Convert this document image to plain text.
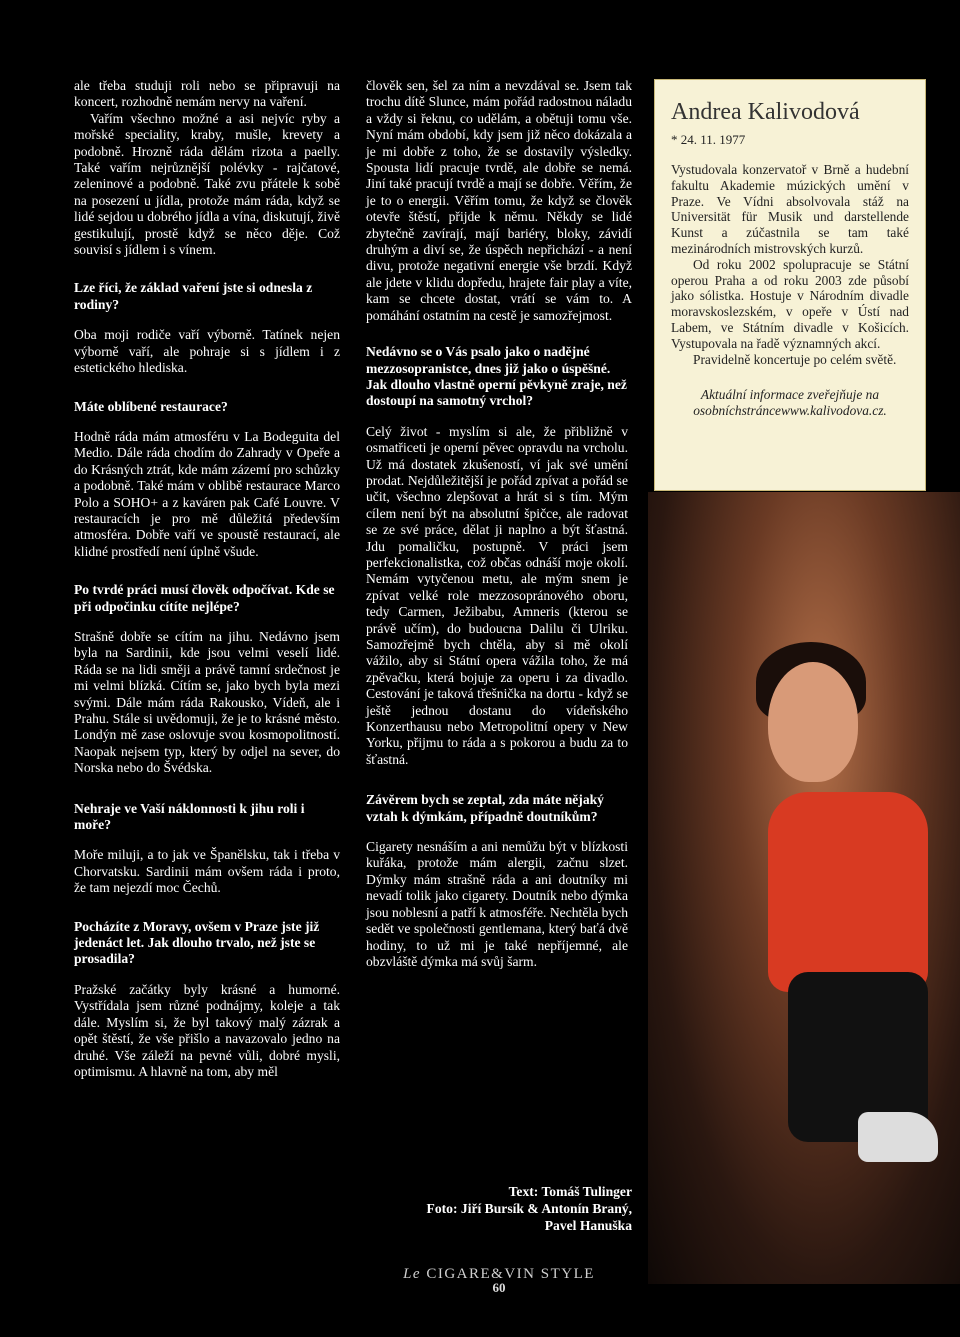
ale třeba studuji roli nebo se připravuji na koncert, rozhodně nemám nervy na vaření.

Vařím všechno možné a asi nejvíc ryby a mořské speciality, kraby, mušle, krevety a podobně. Hrozně ráda dělám rizota a paelly. Také vařím nejrůznější polévky - rajčatové, zeleninové a podobně. Také zvu přátele k sobě na posezení u jídla, protože mám ráda, když se lidé sejdou u dobrého jídla a vína, diskutují, živě gestikulují, prostě když se něco děje. Což souvisí s jídlem i s vínem.

Lze říci, že základ vaření jste si odnesla z rodiny?

Oba moji rodiče vaří výborně. Tatínek nejen výborně vaří, ale pohraje si s jídlem i z estetického hlediska.

Máte oblíbené restaurace?

Hodně ráda mám atmosféru v La Bodeguita del Medio. Dále ráda chodím do Zahrady v Opeře a do Krásných ztrát, kde mám zázemí pro schůzky a podobně. Také mám v oblibě restaurace Marco Polo a SOHO+ a z kaváren pak Café Louvre. V restauracích je pro mě důležitá především atmosféra. Dobře vaří ve spoustě restaurací, ale klidné prostředí není úplně všude.

Po tvrdé práci musí člověk odpočívat. Kde se při odpočinku cítíte nejlépe?

Strašně dobře se cítím na jihu. Nedávno jsem byla na Sardinii, kde jsou velmi veselí lidé. Ráda se na lidi směji a právě tamní srdečnost je mi velmi blízká. Cítím se, jako bych byla mezi svými. Dále mám ráda Rakousko, Vídeň, ale i Prahu. Stále si uvědomuji, že je to krásné město. Londýn mě zase oslovuje svou kosmopolitností. Naopak nejsem typ, který by odjel na sever, do Norska nebo do Švédska.

Nehraje ve Vaší náklonnosti k jihu roli i moře?

Moře miluji, a to jak ve Španělsku, tak i třeba v Chorvatsku. Sardinii mám ovšem ráda i proto, že tam nejezdí moc Čechů.

Pocházíte z Moravy, ovšem v Praze jste již jedenáct let. Jak dlouho trvalo, než jste se prosadila?

Pražské začátky byly krásné a humorné. Vystřídala jsem různé podnájmy, koleje a tak dále. Myslím si, že byl takový malý zázrak a opět štěstí, že vše přišlo a navazovalo jedno na druhé. Vše záleží na pevné vůli, dobré mysli, optimismu. A hlavně na tom, aby měl

člověk sen, šel za ním a nevzdával se. Jsem tak trochu dítě Slunce, mám pořád radostnou náladu a vždy si řeknu, co udělám, a obětuji tomu vše. Nyní mám období, kdy jsem již něco dokázala a je mi dobře z toho, že se dostavily výsledky. Spousta lidí pracuje tvrdě, ale dobře se nemá. Jiní také pracují tvrdě a mají se dobře. Věřím, že je to o energii. Věřím tomu, že když se člověk otevře štěstí, přijde k němu. Někdy se lidé zbytečně zavírají, mají bariéry, bloky, závidí druhým a diví se, že úspěch nepřichází - a není divu, protože negativní energie vše brzdí. Když ale jdete v klidu dopředu, hrajete fair play a víte, kam se chcete dostat, vrátí se vám to. A pomáhání ostatním na cestě je samozřejmost.

Nedávno se o Vás psalo jako o nadějné mezzosopranistce, dnes již jako o úspěšné. Jak dlouho vlastně operní pěvkyně zraje, než dostoupí na samotný vrchol?

Celý život - myslím si ale, že přibližně v osmatřiceti je operní pěvec opravdu na vrcholu. Už má dostatek zkušeností, ví jak své umění prodat. Nejdůležitější je pořád zpívat a pořád se učit, všechno zlepšovat a hrát si s tím. Mým cílem není být na absolutní špičce, ale radovat se ze své práce, dělat ji naplno a být šťastná. Jdu pomaličku, postupně. V práci jsem perfekcionalistka, což občas odnáší moje okolí. Nemám vytyčenou metu, ale mým snem je zpívat velké role mezzosopránového oboru, tedy Carmen, Ježibabu, Amneris (kterou se právě učím), do budoucna Dalilu či Ulriku. Samozřejmě bych chtěla, aby si mě okolí vážilo, aby si Státní opera vážila toho, že má zpěvačku, která bojuje za operu i za divadlo. Cestování je taková třešnička na dortu - když se ještě jednou dostanu do vídeňského Konzerthausu nebo Metropolitní opery v New Yorku, přijmu to ráda a s pokorou a budu za to šťastná.

Závěrem bych se zeptal, zda máte nějaký vztah k dýmkám, případně doutníkům?

Cigarety nesnáším a ani nemůžu být v blízkosti kuřáka, protože mám alergii, začnu slzet. Dýmky mám strašně ráda a ani doutníky mi nevadí tolik jako cigarety. Doutník nebo dýmka jsou noblesní a patří k atmosféře. Nechtěla bych sedět ve společnosti gentlemana, který baťá dvě hodiny, to už mi je také nepříjemné, ale obzvláště dýmka má svůj šarm.

Andrea Kalivodová
* 24. 11. 1977

Vystudovala konzervatoř v Brně a hudební fakultu Akademie múzických umění v Praze. Ve Vídni absolvovala stáž na Universität für Musik und darstellende Kunst a zúčastnila se tam také mezinárodních mistrovských kurzů.

Od roku 2002 spolupracuje se Státní operou Praha a od roku 2003 zde působí jako sólistka. Hostuje v Národním divadle moravskoslezském, v opeře v Ústí nad Labem, ve Státním divadle v Košicích. Vystupovala na řadě významných akcí.

Pravidelně koncertuje po celém světě.

Aktuální informace zveřejňuje na osobníchstráncewww.kalivodova.cz.
Text: Tomáš Tulinger
Foto: Jiří Bursík & Antonín Braný,
Pavel Hanuška
Le CIGARE&VIN STYLE
60
